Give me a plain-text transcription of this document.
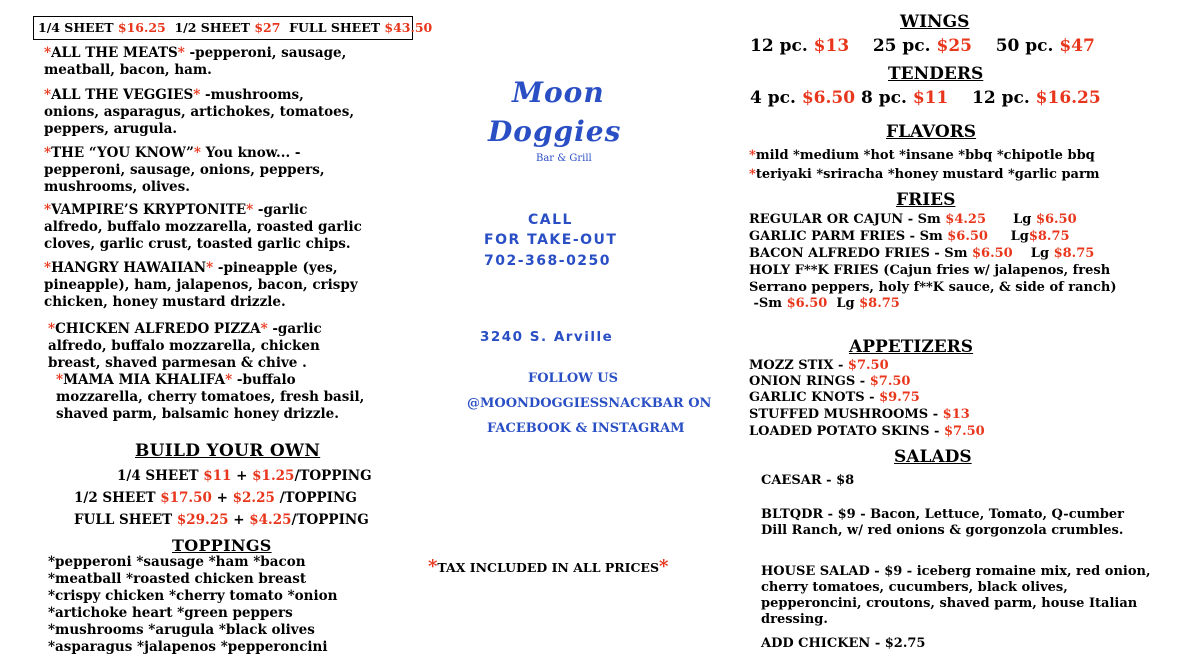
1/4 SHEET $16.25 1/2 SHEET $27 FULL SHEET $43.50
*ALL THE MEATS* -pepperoni, sausage, meatball, bacon, ham.
*ALL THE VEGGIES* -mushrooms, onions, asparagus, artichokes, tomatoes, peppers, arugula.
*THE “YOU KNOW”* You know... - pepperoni, sausage, onions, peppers, mushrooms, olives.
*VAMPIRE’S KRYPTONITE* -garlic alfredo, buffalo mozzarella, roasted garlic cloves, garlic crust, toasted garlic chips.
*HANGRY HAWAIIAN* -pineapple (yes, pineapple), ham, jalapenos, bacon, crispy chicken, honey mustard drizzle.
*CHICKEN ALFREDO PIZZA* -garlic alfredo, buffalo mozzarella, chicken breast, shaved parmesan & chive .
*MAMA MIA KHALIFA* -buffalo mozzarella, cherry tomatoes, fresh basil, shaved parm, balsamic honey drizzle.
BUILD YOUR OWN
1/4 SHEET $11 + $1.25/TOPPING
1/2 SHEET $17.50 + $2.25 /TOPPING
FULL SHEET $29.25 + $4.25/TOPPING
TOPPINGS
*pepperoni *sausage *ham *bacon
*meatball *roasted chicken breast
*crispy chicken *cherry tomato *onion
*artichoke heart *green peppers
*mushrooms *arugula *black olives
*asparagus *jalapenos *pepperoncini
Moon
Doggies
Bar & Grill
CALL
FOR TAKE-OUT
702-368-0250
3240 S. Arville
FOLLOW US
@MOONDOGGIESSNACKBAR ON
FACEBOOK & INSTAGRAM
*TAX INCLUDED IN ALL PRICES*
WINGS
12 pc. $13 25 pc. $25 50 pc. $47
TENDERS
4 pc. $6.50 8 pc. $11 12 pc. $16.25
FLAVORS
*mild *medium *hot *insane *bbq *chipotle bbq
*teriyaki *sriracha *honey mustard *garlic parm
FRIES
REGULAR OR CAJUN - Sm $4.25      Lg $6.50
GARLIC PARM FRIES - Sm $6.50     Lg$8.75
BACON ALFREDO FRIES - Sm $6.50    Lg $8.75
HOLY F**K FRIES (Cajun fries w/ jalapenos, fresh Serrano peppers, holy f**K sauce, & side of ranch)
-Sm $6.50  Lg $8.75
APPETIZERS
MOZZ STIX - $7.50
ONION RINGS - $7.50
GARLIC KNOTS - $9.75
STUFFED MUSHROOMS - $13
LOADED POTATO SKINS - $7.50
SALADS
CAESAR - $8
BLTQDR - $9 - Bacon, Lettuce, Tomato, Q-cumber Dill Ranch, w/ red onions & gorgonzola crumbles.
HOUSE SALAD - $9 - iceberg romaine mix, red onion, cherry tomatoes, cucumbers, black olives, pepperoncini, croutons, shaved parm, house Italian dressing.
ADD CHICKEN - $2.75
